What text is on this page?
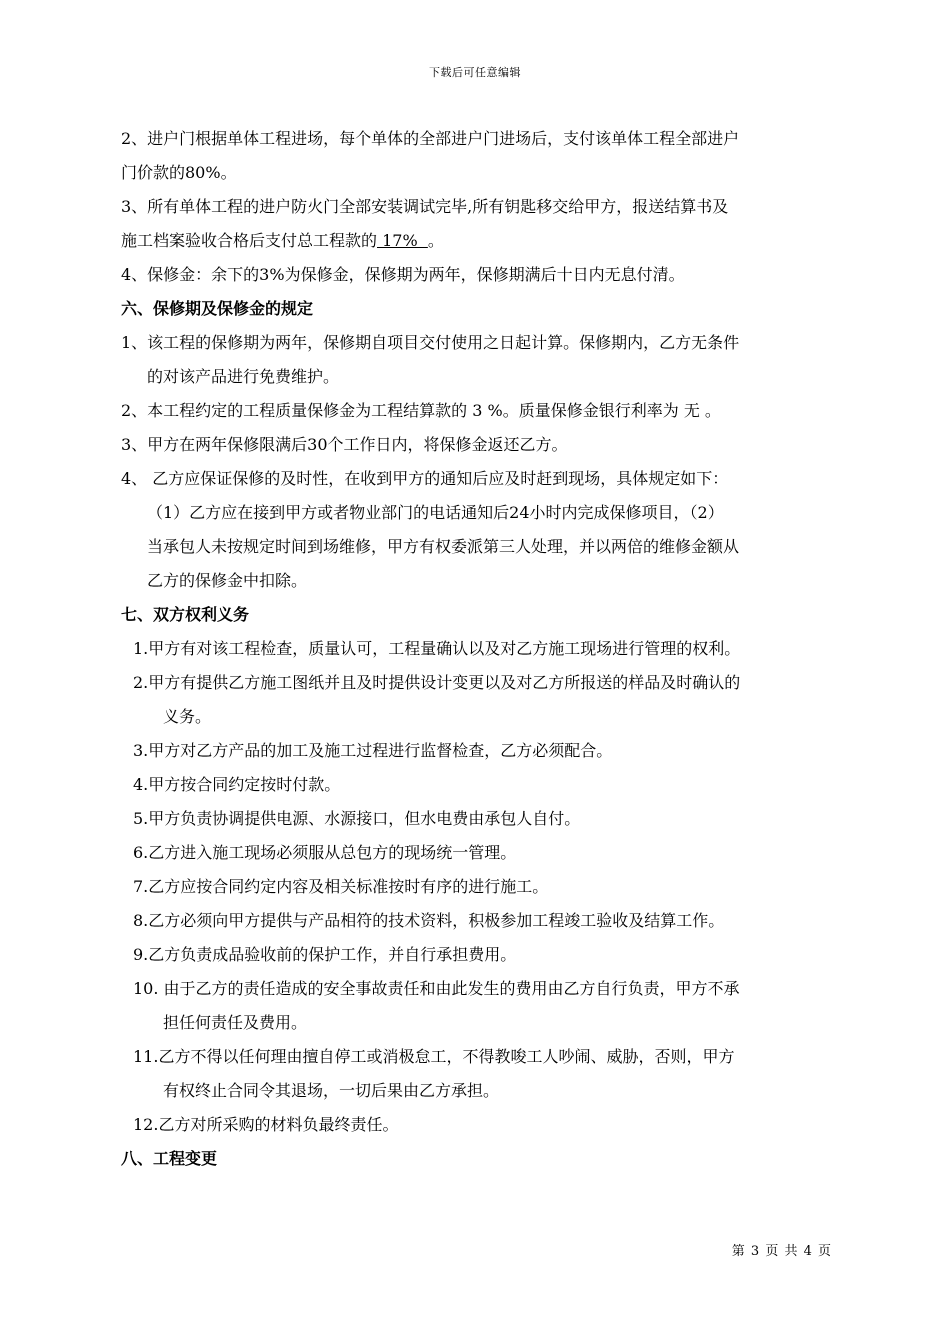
下载后可任意编辑

2、进户门根据单体工程进场，每个单体的全部进户门进场后，支付该单体工程全部进户

门价款的80%。

3、所有单体工程的进户防火门全部安装调试完毕,所有钥匙移交给甲方，报送结算书及

施工档案验收合格后支付总工程款的 17%  。

4、保修金：余下的3%为保修金，保修期为两年，保修期满后十日内无息付清。

六、保修期及保修金的规定

1、该工程的保修期为两年，保修期自项目交付使用之日起计算。保修期内，乙方无条件

的对该产品进行免费维护。

2、本工程约定的工程质量保修金为工程结算款的 3 %。质量保修金银行利率为 无 。

3、甲方在两年保修限满后30个工作日内，将保修金返还乙方。

4、 乙方应保证保修的及时性，在收到甲方的通知后应及时赶到现场，具体规定如下：

（1）乙方应在接到甲方或者物业部门的电话通知后24小时内完成保修项目，（2）

当承包人未按规定时间到场维修，甲方有权委派第三人处理，并以两倍的维修金额从

乙方的保修金中扣除。

七、双方权利义务

1.甲方有对该工程检查，质量认可，工程量确认以及对乙方施工现场进行管理的权利。

2.甲方有提供乙方施工图纸并且及时提供设计变更以及对乙方所报送的样品及时确认的

义务。

3.甲方对乙方产品的加工及施工过程进行监督检查，乙方必须配合。

4.甲方按合同约定按时付款。

5.甲方负责协调提供电源、水源接口，但水电费由承包人自付。

6.乙方进入施工现场必须服从总包方的现场统一管理。

7.乙方应按合同约定内容及相关标准按时有序的进行施工。

8.乙方必须向甲方提供与产品相符的技术资料，积极参加工程竣工验收及结算工作。

9.乙方负责成品验收前的保护工作，并自行承担费用。

10. 由于乙方的责任造成的安全事故责任和由此发生的费用由乙方自行负责，甲方不承

担任何责任及费用。

11.乙方不得以任何理由擅自停工或消极怠工，不得教唆工人吵闹、威胁，否则，甲方

有权终止合同令其退场，一切后果由乙方承担。

12.乙方对所采购的材料负最终责任。

八、工程变更

第 3 页 共 4 页
